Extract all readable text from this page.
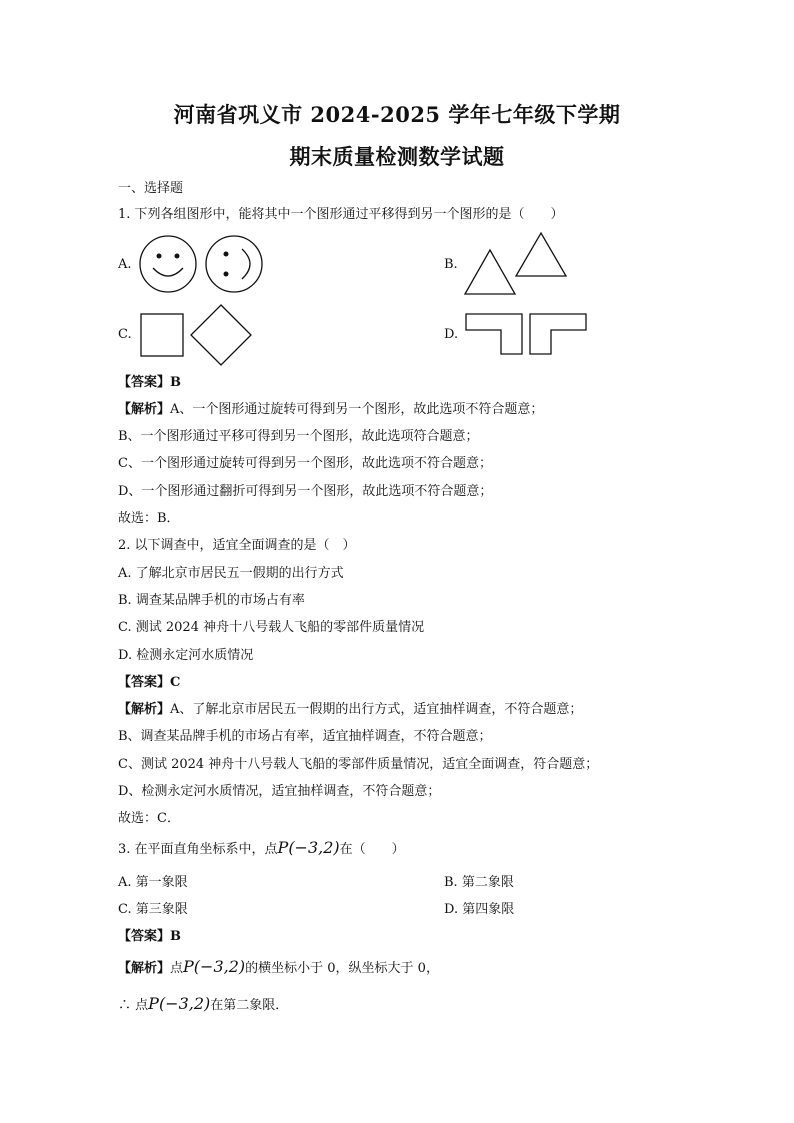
河南省巩义市 2024-2025 学年七年级下学期
期末质量检测数学试题
一、选择题
1. 下列各组图形中，能将其中一个图形通过平移得到另一个图形的是（　　）
A.	B.
C.	D.
【答案】B
【解析】A、一个图形通过旋转可得到另一个图形，故此选项不符合题意；
B、一个图形通过平移可得到另一个图形，故此选项符合题意；
C、一个图形通过旋转可得到另一个图形，故此选项不符合题意；
D、一个图形通过翻折可得到另一个图形，故此选项不符合题意；
故选：B．
2. 以下调查中，适宜全面调查的是（　）
A. 了解北京市居民五一假期的出行方式
B. 调查某品牌手机的市场占有率
C. 测试 2024 神舟十八号载人飞船的零部件质量情况
D. 检测永定河水质情况
【答案】C
【解析】A、了解北京市居民五一假期的出行方式，适宜抽样调查，不符合题意；
B、调查某品牌手机的市场占有率，适宜抽样调查，不符合题意；
C、测试 2024 神舟十八号载人飞船的零部件质量情况，适宜全面调查，符合题意；
D、检测永定河水质情况，适宜抽样调查，不符合题意；
故选：C．
3. 在平面直角坐标系中，点P(−3,2)在（　　）
A. 第一象限	B. 第二象限
C. 第三象限	D. 第四象限
【答案】B
【解析】点P(−3,2)的横坐标小于 0，纵坐标大于 0，
∴ 点P(−3,2)在第二象限．
